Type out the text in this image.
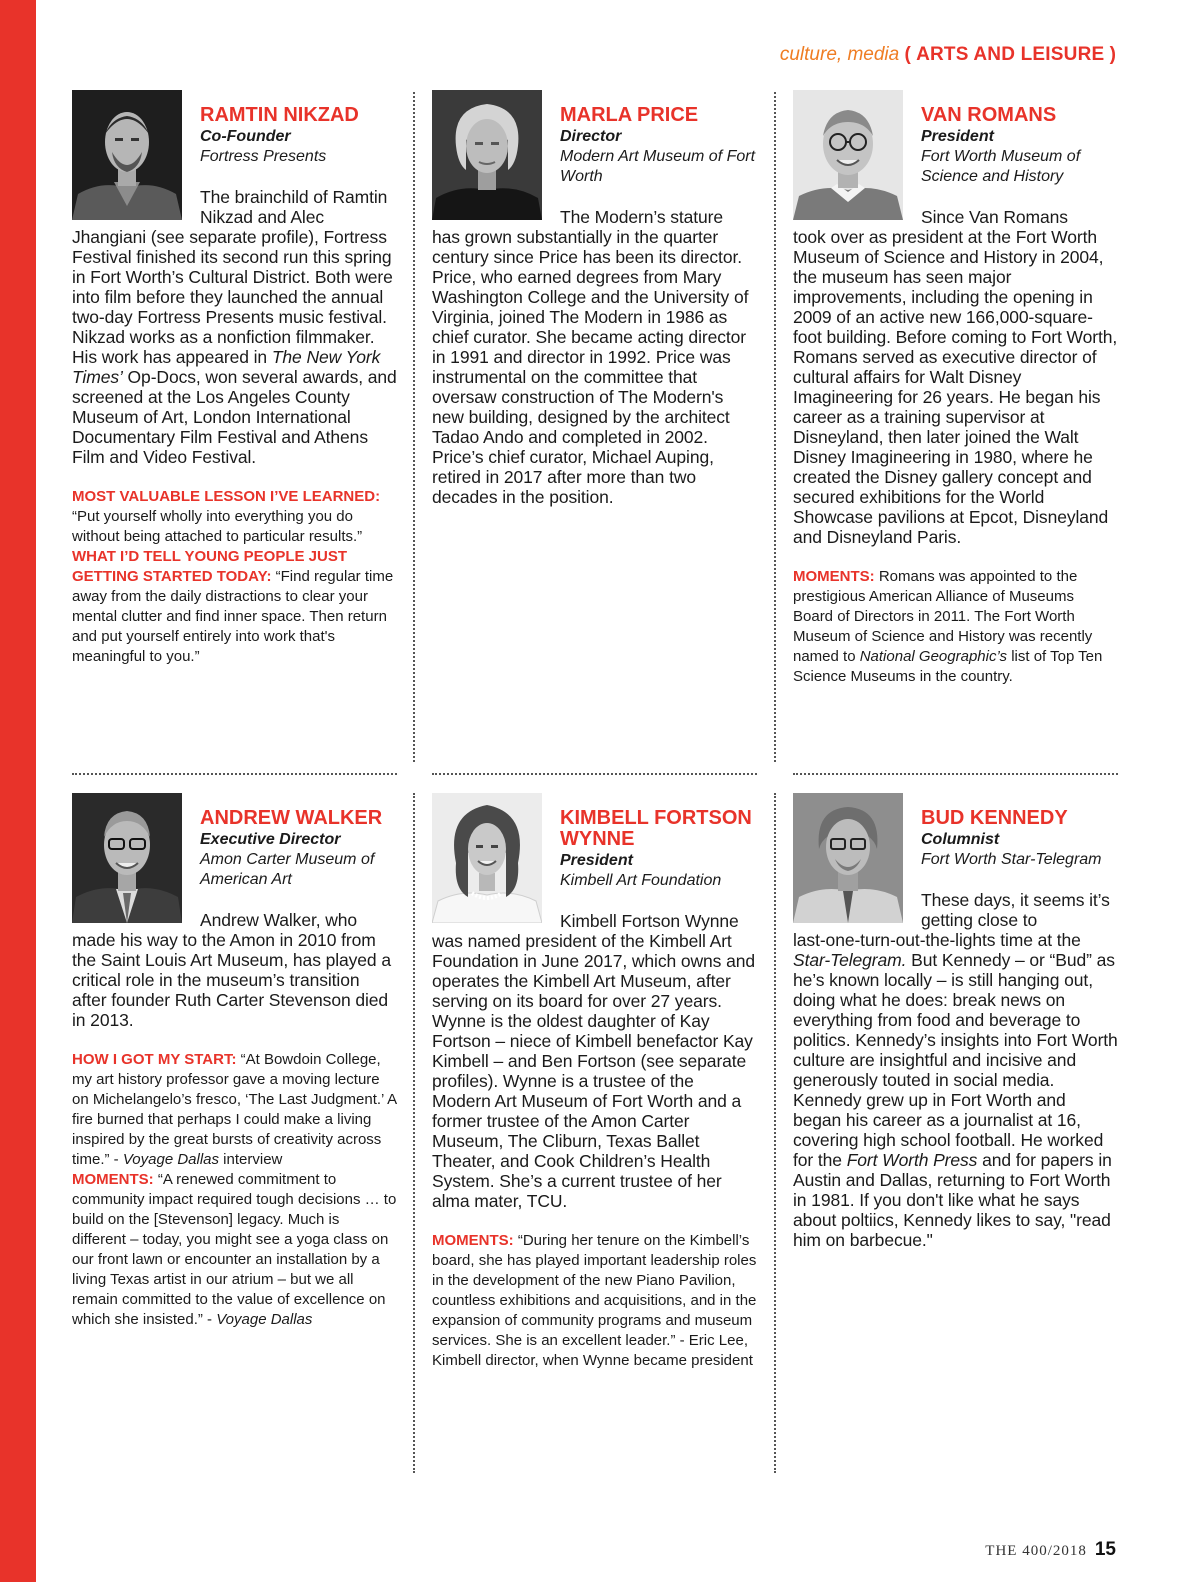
culture, media ( ARTS AND LEISURE )
RAMTIN NIKZAD
Co-Founder
Fortress Presents
The brainchild of Ramtin Nikzad and Alec
Jhangiani (see separate profile), Fortress Festival finished its second run this spring in Fort Worth’s Cultural District. Both were into film before they launched the annual two-day Fortress Presents music festival. Nikzad works as a nonfiction filmmaker. His work has appeared in The New York Times’ Op-Docs, won several awards, and screened at the Los Angeles County Museum of Art, London International Documentary Film Festival and Athens Film and Video Festival.
MOST VALUABLE LESSON I’VE LEARNED:
“Put yourself wholly into everything you do without being attached to particular results.”
WHAT I’D TELL YOUNG PEOPLE JUST GETTING STARTED TODAY: “Find regular time away from the daily distractions to clear your mental clutter and find inner space. Then return and put yourself entirely into work that's meaningful to you.”
MARLA PRICE
Director
Modern Art Museum of Fort Worth
The Modern’s stature
has grown substantially in the quarter century since Price has been its director. Price, who earned degrees from Mary Washington College and the University of Virginia, joined The Modern in 1986 as chief curator. She became acting director in 1991 and director in 1992. Price was instrumental on the committee that oversaw construction of The Modern's new building, designed by the architect Tadao Ando and completed in 2002. Price’s chief curator, Michael Auping, retired in 2017 after more than two decades in the position.
VAN ROMANS
President
Fort Worth Museum of Science and History
Since Van Romans
took over as president at the Fort Worth Museum of Science and History in 2004, the museum has seen major improvements, including the opening in 2009 of an active new 166,000-square-foot building. Before coming to Fort Worth, Romans served as executive director of cultural affairs for Walt Disney Imagineering for 26 years. He began his career as a training supervisor at Disneyland, then later joined the Walt Disney Imagineering in 1980, where he created the Disney gallery concept and secured exhibitions for the World Showcase pavilions at Epcot, Disneyland and Disneyland Paris.
MOMENTS: Romans was appointed to the prestigious American Alliance of Museums Board of Directors in 2011. The Fort Worth Museum of Science and History was recently named to National Geographic’s list of Top Ten Science Museums in the country.
ANDREW WALKER
Executive Director
Amon Carter Museum of American Art
Andrew Walker, who
made his way to the Amon in 2010 from the Saint Louis Art Museum, has played a critical role in the museum’s transition after founder Ruth Carter Stevenson died in 2013.
HOW I GOT MY START: “At Bowdoin College, my art history professor gave a moving lecture on Michelangelo’s fresco, ‘The Last Judgment.’ A fire burned that perhaps I could make a living inspired by the great bursts of creativity across time.” - Voyage Dallas interview
MOMENTS: “A renewed commitment to community impact required tough decisions … to build on the [Stevenson] legacy. Much is different – today, you might see a yoga class on our front lawn or encounter an installation by a living Texas artist in our atrium – but we all remain committed to the value of excellence on which she insisted.” - Voyage Dallas
KIMBELL FORTSON WYNNE
President
Kimbell Art Foundation
Kimbell Fortson Wynne
was named president of the Kimbell Art Foundation in June 2017, which owns and operates the Kimbell Art Museum, after serving on its board for over 27 years. Wynne is the oldest daughter of Kay Fortson – niece of Kimbell benefactor Kay Kimbell – and Ben Fortson (see separate profiles). Wynne is a trustee of the Modern Art Museum of Fort Worth and a former trustee of the Amon Carter Museum, The Cliburn, Texas Ballet Theater, and Cook Children’s Health System. She’s a current trustee of her alma mater, TCU.
MOMENTS: “During her tenure on the Kimbell’s board, she has played important leadership roles in the development of the new Piano Pavilion, countless exhibitions and acquisitions, and in the expansion of community programs and museum services. She is an excellent leader.” - Eric Lee, Kimbell director, when Wynne became president
BUD KENNEDY
Columnist
Fort Worth Star-Telegram
These days, it seems it’s getting close to
last-one-turn-out-the-lights time at the Star-Telegram. But Kennedy – or “Bud” as he’s known locally – is still hanging out, doing what he does: break news on everything from food and beverage to politics. Kennedy’s insights into Fort Worth culture are insightful and incisive and generously touted in social media. Kennedy grew up in Fort Worth and began his career as a journalist at 16, covering high school football. He worked for the Fort Worth Press and for papers in Austin and Dallas, returning to Fort Worth in 1981. If you don't like what he says about poltiics, Kennedy likes to say, "read him on barbecue."
THE 400/2018 15
